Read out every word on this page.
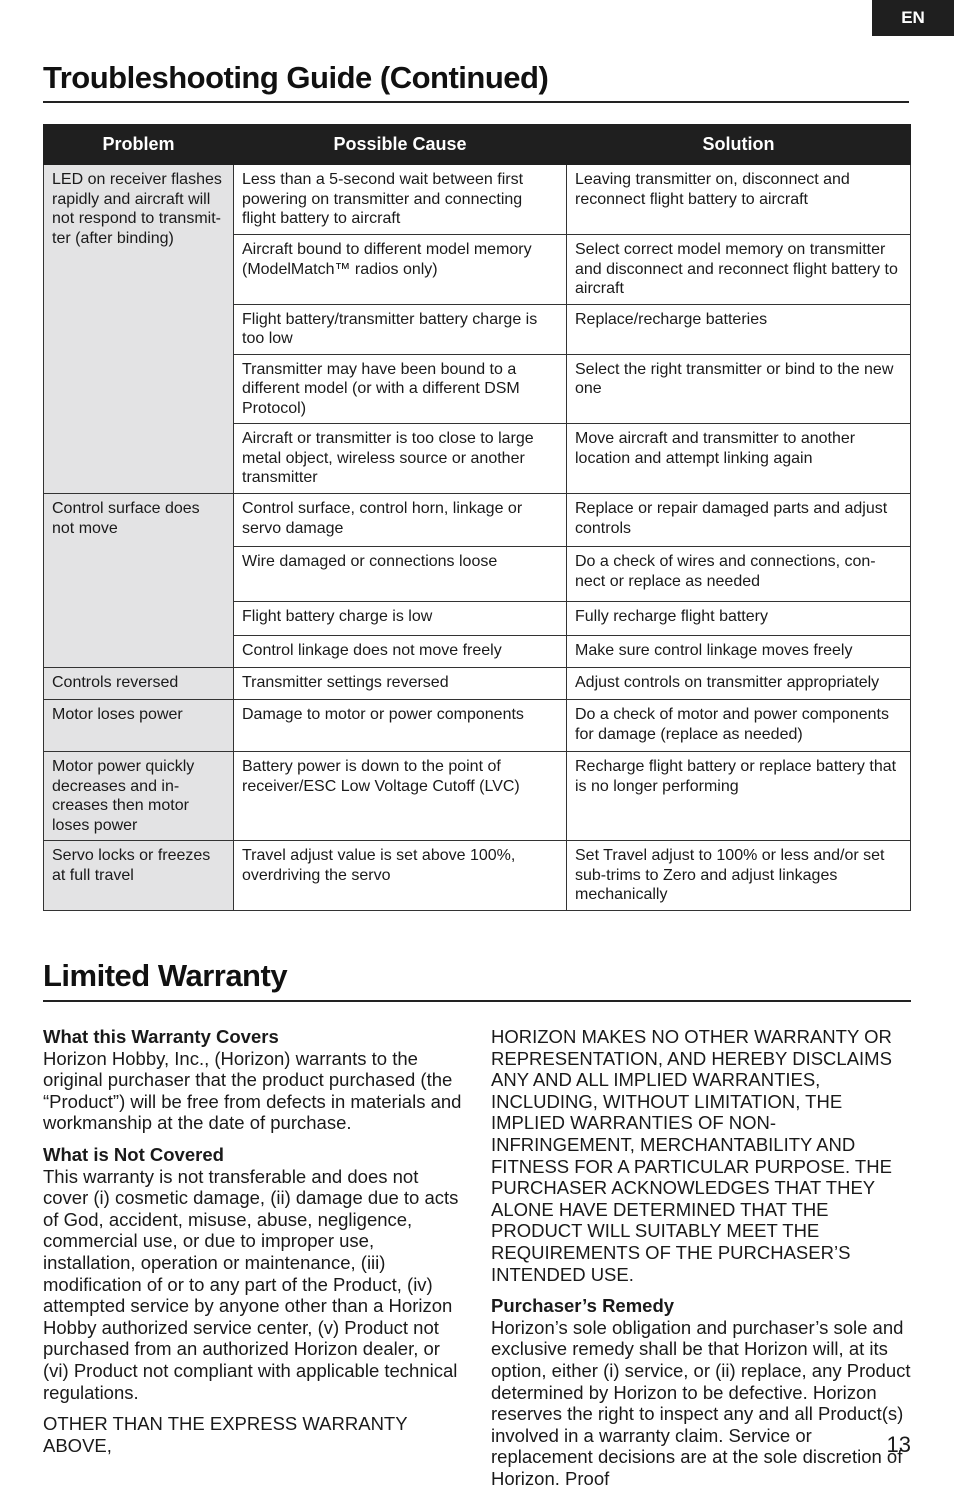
EN
Troubleshooting Guide (Continued)
Problem	Possible Cause	Solution
LED on receiver flashes rapidly and aircraft will not respond to transmit-ter (after binding)	Less than a 5-second wait between first powering on transmitter and connecting flight battery to aircraft	Leaving transmitter on, disconnect and reconnect flight battery to aircraft
	Aircraft bound to different model memory (ModelMatch™ radios only)	Select correct model memory on transmitter and disconnect and reconnect flight battery to aircraft
	Flight battery/transmitter battery charge is too low	Replace/recharge batteries
	Transmitter may have been bound to a different model (or with a different DSM Protocol)	Select the right transmitter or bind to the new one
	Aircraft or transmitter is too close to large metal object, wireless source or another transmitter	Move aircraft and transmitter to another location and attempt linking again
Control surface does not move	Control surface, control horn, linkage or servo damage	Replace or repair damaged parts and adjust controls
	Wire damaged or connections loose	Do a check of wires and connections, con-nect or replace as needed
	Flight battery charge is low	Fully recharge flight battery
	Control linkage does not move freely	Make sure control linkage moves freely
Controls reversed	Transmitter settings reversed	Adjust controls on transmitter appropriately
Motor loses power	Damage to motor or power components	Do a check of motor and power components for damage (replace as needed)
Motor power quickly decreases and in-creases then motor loses power	Battery power is down to the point of receiver/ESC Low Voltage Cutoff (LVC)	Recharge flight battery or replace battery that is no longer performing
Servo locks or freezes at full travel	Travel adjust value is set above 100%, overdriving the servo	Set Travel adjust to 100% or less and/or set sub-trims to Zero and adjust linkages mechanically
Limited Warranty

What this Warranty Covers
Horizon Hobby, Inc., (Horizon) warrants to the original purchaser that the product purchased (the “Product”) will be free from defects in materials and workmanship at the date of purchase.

What is Not Covered
This warranty is not transferable and does not cover (i) cosmetic damage, (ii) damage due to acts of God, accident, misuse, abuse, negligence, commercial use, or due to improper use, installation, operation or maintenance, (iii) modification of or to any part of the Product, (iv) attempted service by anyone other than a Horizon Hobby authorized service center, (v) Product not purchased from an authorized Horizon dealer, or (vi) Product not compliant with applicable technical regulations.

OTHER THAN THE EXPRESS WARRANTY ABOVE,

HORIZON MAKES NO OTHER WARRANTY OR REPRESENTATION, AND HEREBY DISCLAIMS ANY AND ALL IMPLIED WARRANTIES, INCLUDING, WITHOUT LIMITATION, THE IMPLIED WARRANTIES OF NON-INFRINGEMENT, MERCHANTABILITY AND FITNESS FOR A PARTICULAR PURPOSE. THE PURCHASER ACKNOWLEDGES THAT THEY ALONE HAVE DETERMINED THAT THE PRODUCT WILL SUITABLY MEET THE REQUIREMENTS OF THE PURCHASER’S INTENDED USE.

Purchaser’s Remedy
Horizon’s sole obligation and purchaser’s sole and exclusive remedy shall be that Horizon will, at its option, either (i) service, or (ii) replace, any Product determined by Horizon to be defective. Horizon reserves the right to inspect any and all Product(s) involved in a warranty claim. Service or replacement decisions are at the sole discretion of Horizon. Proof

13
